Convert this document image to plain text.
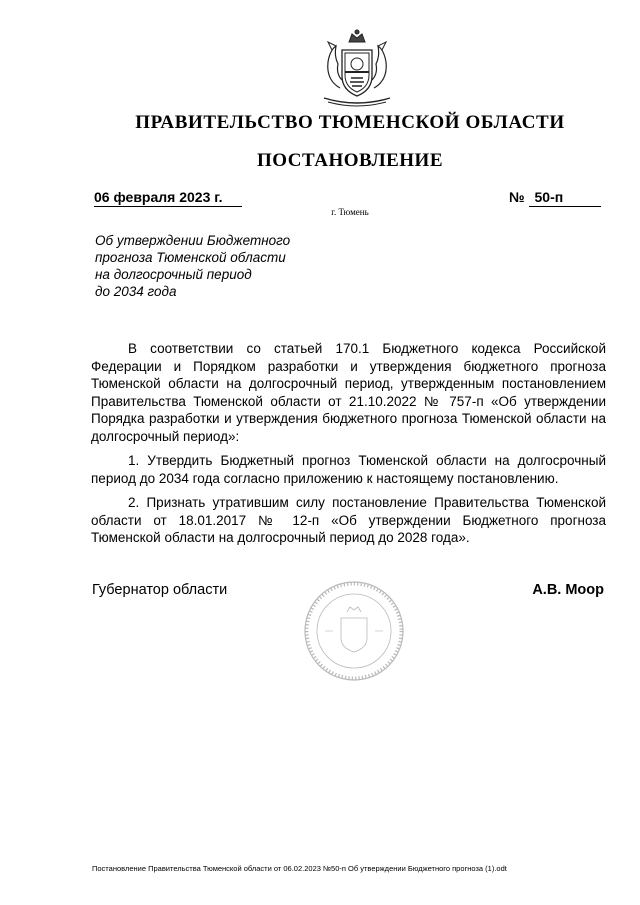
ПРАВИТЕЛЬСТВО ТЮМЕНСКОЙ ОБЛАСТИ
ПОСТАНОВЛЕНИЕ
06 февраля 2023 г.	№ 50-п
г. Тюмень
Об утверждении Бюджетного
прогноза Тюменской области
на долгосрочный период
до 2034 года

В соответствии со статьей 170.1 Бюджетного кодекса Российской Федерации и Порядком разработки и утверждения бюджетного прогноза Тюменской области на долгосрочный период, утвержденным постановлением Правительства Тюменской области от 21.10.2022 № 757-п «Об утверждении Порядка разработки и утверждения бюджетного прогноза Тюменской области на долгосрочный период»:

1. Утвердить Бюджетный прогноз Тюменской области на долгосрочный период до 2034 года согласно приложению к настоящему постановлению.

2. Признать утратившим силу постановление Правительства Тюменской области от 18.01.2017 № 12-п «Об утверждении Бюджетного прогноза Тюменской области на долгосрочный период до 2028 года».

Губернатор области	А.В. Моор
Постановление Правительства Тюменской области от 06.02.2023 №50-п Об утверждении Бюджетного прогноза (1).odt
